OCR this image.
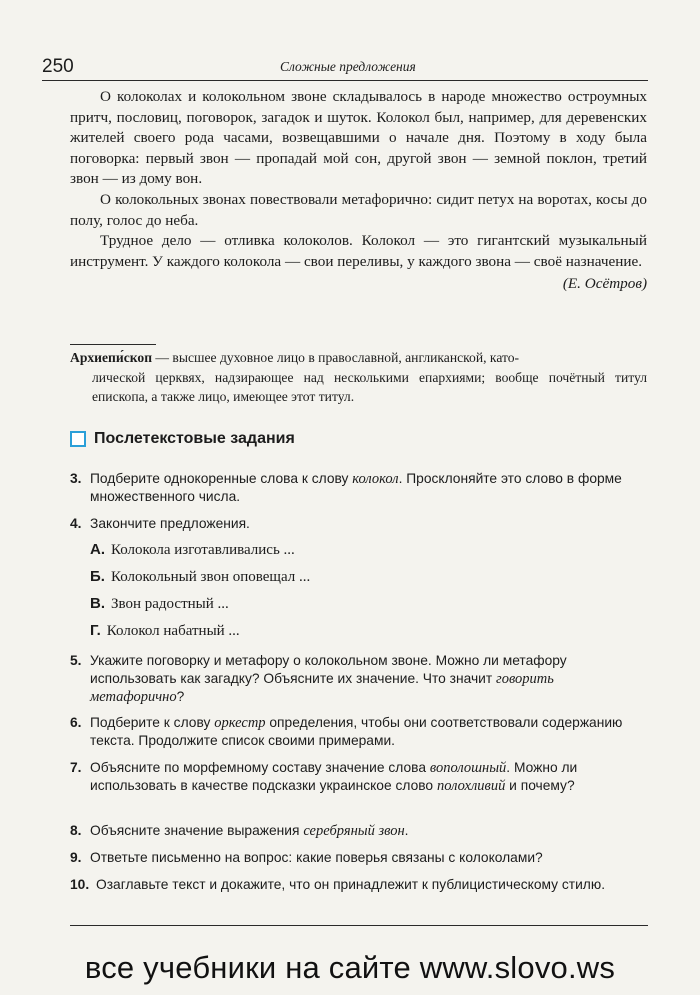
250	Сложные предложения

О колоколах и колокольном звоне складывалось в народе множество остроумных притч, пословиц, поговорок, загадок и шуток. Колокол был, например, для деревенских жителей своего рода часами, возвещавшими о начале дня. Поэтому в ходу была поговорка: первый звон — пропадай мой сон, другой звон — земной поклон, третий звон — из дому вон.

О колокольных звонах повествовали метафорично: сидит петух на воротах, косы до полу, голос до неба.

Трудное дело — отливка колоколов. Колокол — это гигантский музыкальный инструмент. У каждого колокола — свои переливы, у каждого звона — своё назначение.

(Е. Осётров)
Архиепи́скоп — высшее духовное лицо в православной, англиканской, като-
лической церквях, надзирающее над несколькими епархиями; вообще почётный титул епископа, а также лицо, имеющее этот титул.
Послетекстовые задания
3. Подберите однокоренные слова к слову колокол. Просклоняйте это слово в форме множественного числа.
4. Закончите предложения.
А. Колокола изготавливались ...
Б. Колокольный звон оповещал ...
В. Звон радостный ...
Г. Колокол набатный ...
5. Укажите поговорку и метафору о колокольном звоне. Можно ли метафору использовать как загадку? Объясните их значение. Что значит говорить метафорично?
6. Подберите к слову оркестр определения, чтобы они соответствовали содержанию текста. Продолжите список своими примерами.
7. Объясните по морфемному составу значение слова вополошный. Можно ли использовать в качестве подсказки украинское слово полохливий и почему?
8. Объясните значение выражения серебряный звон.
9. Ответьте письменно на вопрос: какие поверья связаны с колоколами?
10. Озаглавьте текст и докажите, что он принадлежит к публицистическому стилю.
все учебники на сайте www.slovo.ws
